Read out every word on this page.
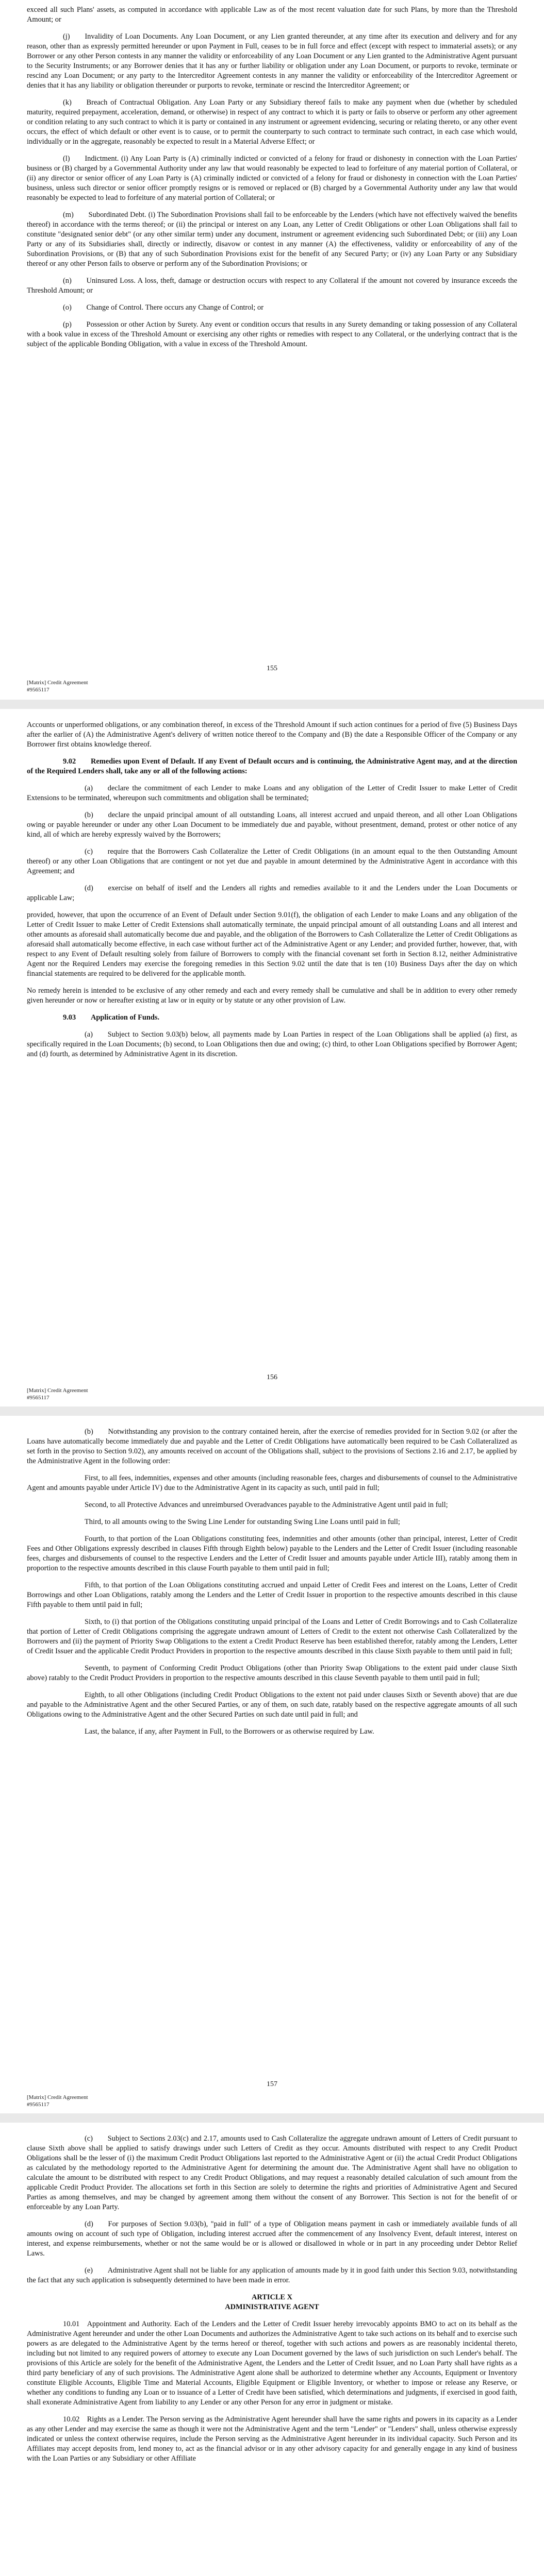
exceed all such Plans' assets, as computed in accordance with applicable Law as of the most recent valuation date for such Plans, by more than the Threshold Amount; or

(j)  Invalidity of Loan Documents. Any Loan Document, or any Lien granted thereunder, at any time after its execution and delivery and for any reason, other than as expressly permitted hereunder or upon Payment in Full, ceases to be in full force and effect (except with respect to immaterial assets); or any Borrower or any other Person contests in any manner the validity or enforceability of any Loan Document or any Lien granted to the Administrative Agent pursuant to the Security Instruments; or any Borrower denies that it has any or further liability or obligation under any Loan Document, or purports to revoke, terminate or rescind any Loan Document; or any party to the Intercreditor Agreement contests in any manner the validity or enforceability of the Intercreditor Agreement or denies that it has any liability or obligation thereunder or purports to revoke, terminate or rescind the Intercreditor Agreement; or

(k)  Breach of Contractual Obligation. Any Loan Party or any Subsidiary thereof fails to make any payment when due (whether by scheduled maturity, required prepayment, acceleration, demand, or otherwise) in respect of any contract to which it is party or fails to observe or perform any other agreement or condition relating to any such contract to which it is party or contained in any instrument or agreement evidencing, securing or relating thereto, or any other event occurs, the effect of which default or other event is to cause, or to permit the counterparty to such contract to terminate such contract, in each case which would, individually or in the aggregate, reasonably be expected to result in a Material Adverse Effect; or

(l)  Indictment. (i) Any Loan Party is (A) criminally indicted or convicted of a felony for fraud or dishonesty in connection with the Loan Parties' business or (B) charged by a Governmental Authority under any law that would reasonably be expected to lead to forfeiture of any material portion of Collateral, or (ii) any director or senior officer of any Loan Party is (A) criminally indicted or convicted of a felony for fraud or dishonesty in connection with the Loan Parties' business, unless such director or senior officer promptly resigns or is removed or replaced or (B) charged by a Governmental Authority under any law that would reasonably be expected to lead to forfeiture of any material portion of Collateral; or

(m)  Subordinated Debt. (i) The Subordination Provisions shall fail to be enforceable by the Lenders (which have not effectively waived the benefits thereof) in accordance with the terms thereof; or (ii) the principal or interest on any Loan, any Letter of Credit Obligations or other Loan Obligations shall fail to constitute "designated senior debt" (or any other similar term) under any document, instrument or agreement evidencing such Subordinated Debt; or (iii) any Loan Party or any of its Subsidiaries shall, directly or indirectly, disavow or contest in any manner (A) the effectiveness, validity or enforceability of any of the Subordination Provisions, or (B) that any of such Subordination Provisions exist for the benefit of any Secured Party; or (iv) any Loan Party or any Subsidiary thereof or any other Person fails to observe or perform any of the Subordination Provisions; or

(n)  Uninsured Loss. A loss, theft, damage or destruction occurs with respect to any Collateral if the amount not covered by insurance exceeds the Threshold Amount; or

(o)  Change of Control. There occurs any Change of Control; or

(p)  Possession or other Action by Surety. Any event or condition occurs that results in any Surety demanding or taking possession of any Collateral with a book value in excess of the Threshold Amount or exercising any other rights or remedies with respect to any Collateral, or the underlying contract that is the subject of the applicable Bonding Obligation, with a value in excess of the Threshold Amount.

155
[Matrix] Credit Agreement
#9565117

Accounts or unperformed obligations, or any combination thereof, in excess of the Threshold Amount if such action continues for a period of five (5) Business Days after the earlier of (A) the Administrative Agent's delivery of written notice thereof to the Company and (B) the date a Responsible Officer of the Company or any Borrower first obtains knowledge thereof.

9.02  Remedies upon Event of Default. If any Event of Default occurs and is continuing, the Administrative Agent may, and at the direction of the Required Lenders shall, take any or all of the following actions:

(a)  declare the commitment of each Lender to make Loans and any obligation of the Letter of Credit Issuer to make Letter of Credit Extensions to be terminated, whereupon such commitments and obligation shall be terminated;

(b)  declare the unpaid principal amount of all outstanding Loans, all interest accrued and unpaid thereon, and all other Loan Obligations owing or payable hereunder or under any other Loan Document to be immediately due and payable, without presentment, demand, protest or other notice of any kind, all of which are hereby expressly waived by the Borrowers;

(c)  require that the Borrowers Cash Collateralize the Letter of Credit Obligations (in an amount equal to the then Outstanding Amount thereof) or any other Loan Obligations that are contingent or not yet due and payable in amount determined by the Administrative Agent in accordance with this Agreement; and

(d)  exercise on behalf of itself and the Lenders all rights and remedies available to it and the Lenders under the Loan Documents or applicable Law;

provided, however, that upon the occurrence of an Event of Default under Section 9.01(f), the obligation of each Lender to make Loans and any obligation of the Letter of Credit Issuer to make Letter of Credit Extensions shall automatically terminate, the unpaid principal amount of all outstanding Loans and all interest and other amounts as aforesaid shall automatically become due and payable, and the obligation of the Borrowers to Cash Collateralize the Letter of Credit Obligations as aforesaid shall automatically become effective, in each case without further act of the Administrative Agent or any Lender; and provided further, however, that, with respect to any Event of Default resulting solely from failure of Borrowers to comply with the financial covenant set forth in Section 8.12, neither Administrative Agent nor the Required Lenders may exercise the foregoing remedies in this Section 9.02 until the date that is ten (10) Business Days after the day on which financial statements are required to be delivered for the applicable month.

No remedy herein is intended to be exclusive of any other remedy and each and every remedy shall be cumulative and shall be in addition to every other remedy given hereunder or now or hereafter existing at law or in equity or by statute or any other provision of Law.

9.03  Application of Funds.

(a)  Subject to Section 9.03(b) below, all payments made by Loan Parties in respect of the Loan Obligations shall be applied (a) first, as specifically required in the Loan Documents; (b) second, to Loan Obligations then due and owing; (c) third, to other Loan Obligations specified by Borrower Agent; and (d) fourth, as determined by Administrative Agent in its discretion.

156
[Matrix] Credit Agreement
#9565117

(b)  Notwithstanding any provision to the contrary contained herein, after the exercise of remedies provided for in Section 9.02 (or after the Loans have automatically become immediately due and payable and the Letter of Credit Obligations have automatically been required to be Cash Collateralized as set forth in the proviso to Section 9.02), any amounts received on account of the Obligations shall, subject to the provisions of Sections 2.16 and 2.17, be applied by the Administrative Agent in the following order:

First, to all fees, indemnities, expenses and other amounts (including reasonable fees, charges and disbursements of counsel to the Administrative Agent and amounts payable under Article IV) due to the Administrative Agent in its capacity as such, until paid in full;

Second, to all Protective Advances and unreimbursed Overadvances payable to the Administrative Agent until paid in full;

Third, to all amounts owing to the Swing Line Lender for outstanding Swing Line Loans until paid in full;

Fourth, to that portion of the Loan Obligations constituting fees, indemnities and other amounts (other than principal, interest, Letter of Credit Fees and Other Obligations expressly described in clauses Fifth through Eighth below) payable to the Lenders and the Letter of Credit Issuer (including reasonable fees, charges and disbursements of counsel to the respective Lenders and the Letter of Credit Issuer and amounts payable under Article III), ratably among them in proportion to the respective amounts described in this clause Fourth payable to them until paid in full;

Fifth, to that portion of the Loan Obligations constituting accrued and unpaid Letter of Credit Fees and interest on the Loans, Letter of Credit Borrowings and other Loan Obligations, ratably among the Lenders and the Letter of Credit Issuer in proportion to the respective amounts described in this clause Fifth payable to them until paid in full;

Sixth, to (i) that portion of the Obligations constituting unpaid principal of the Loans and Letter of Credit Borrowings and to Cash Collateralize that portion of Letter of Credit Obligations comprising the aggregate undrawn amount of Letters of Credit to the extent not otherwise Cash Collateralized by the Borrowers and (ii) the payment of Priority Swap Obligations to the extent a Credit Product Reserve has been established therefor, ratably among the Lenders, Letter of Credit Issuer and the applicable Credit Product Providers in proportion to the respective amounts described in this clause Sixth payable to them until paid in full;

Seventh, to payment of Conforming Credit Product Obligations (other than Priority Swap Obligations to the extent paid under clause Sixth above) ratably to the Credit Product Providers in proportion to the respective amounts described in this clause Seventh payable to them until paid in full;

Eighth, to all other Obligations (including Credit Product Obligations to the extent not paid under clauses Sixth or Seventh above) that are due and payable to the Administrative Agent and the other Secured Parties, or any of them, on such date, ratably based on the respective aggregate amounts of all such Obligations owing to the Administrative Agent and the other Secured Parties on such date until paid in full; and

Last, the balance, if any, after Payment in Full, to the Borrowers or as otherwise required by Law.

157
[Matrix] Credit Agreement
#9565117

(c)  Subject to Sections 2.03(c) and 2.17, amounts used to Cash Collateralize the aggregate undrawn amount of Letters of Credit pursuant to clause Sixth above shall be applied to satisfy drawings under such Letters of Credit as they occur. Amounts distributed with respect to any Credit Product Obligations shall be the lesser of (i) the maximum Credit Product Obligations last reported to the Administrative Agent or (ii) the actual Credit Product Obligations as calculated by the methodology reported to the Administrative Agent for determining the amount due. The Administrative Agent shall have no obligation to calculate the amount to be distributed with respect to any Credit Product Obligations, and may request a reasonably detailed calculation of such amount from the applicable Credit Product Provider. The allocations set forth in this Section are solely to determine the rights and priorities of Administrative Agent and Secured Parties as among themselves, and may be changed by agreement among them without the consent of any Borrower. This Section is not for the benefit of or enforceable by any Loan Party.

(d)  For purposes of Section 9.03(b), "paid in full" of a type of Obligation means payment in cash or immediately available funds of all amounts owing on account of such type of Obligation, including interest accrued after the commencement of any Insolvency Event, default interest, interest on interest, and expense reimbursements, whether or not the same would be or is allowed or disallowed in whole or in part in any proceeding under Debtor Relief Laws.

(e)  Administrative Agent shall not be liable for any application of amounts made by it in good faith under this Section 9.03, notwithstanding the fact that any such application is subsequently determined to have been made in error.

ARTICLE X
ADMINISTRATIVE AGENT

10.01 Appointment and Authority. Each of the Lenders and the Letter of Credit Issuer hereby irrevocably appoints BMO to act on its behalf as the Administrative Agent hereunder and under the other Loan Documents and authorizes the Administrative Agent to take such actions on its behalf and to exercise such powers as are delegated to the Administrative Agent by the terms hereof or thereof, together with such actions and powers as are reasonably incidental thereto, including but not limited to any required powers of attorney to execute any Loan Document governed by the laws of such jurisdiction on such Lender's behalf. The provisions of this Article are solely for the benefit of the Administrative Agent, the Lenders and the Letter of Credit Issuer, and no Loan Party shall have rights as a third party beneficiary of any of such provisions. The Administrative Agent alone shall be authorized to determine whether any Accounts, Equipment or Inventory constitute Eligible Accounts, Eligible Time and Material Accounts, Eligible Equipment or Eligible Inventory, or whether to impose or release any Reserve, or whether any conditions to funding any Loan or to issuance of a Letter of Credit have been satisfied, which determinations and judgments, if exercised in good faith, shall exonerate Administrative Agent from liability to any Lender or any other Person for any error in judgment or mistake.

10.02 Rights as a Lender. The Person serving as the Administrative Agent hereunder shall have the same rights and powers in its capacity as a Lender as any other Lender and may exercise the same as though it were not the Administrative Agent and the term "Lender" or "Lenders" shall, unless otherwise expressly indicated or unless the context otherwise requires, include the Person serving as the Administrative Agent hereunder in its individual capacity. Such Person and its Affiliates may accept deposits from, lend money to, act as the financial advisor or in any other advisory capacity for and generally engage in any kind of business with the Loan Parties or any Subsidiary or other Affiliate
